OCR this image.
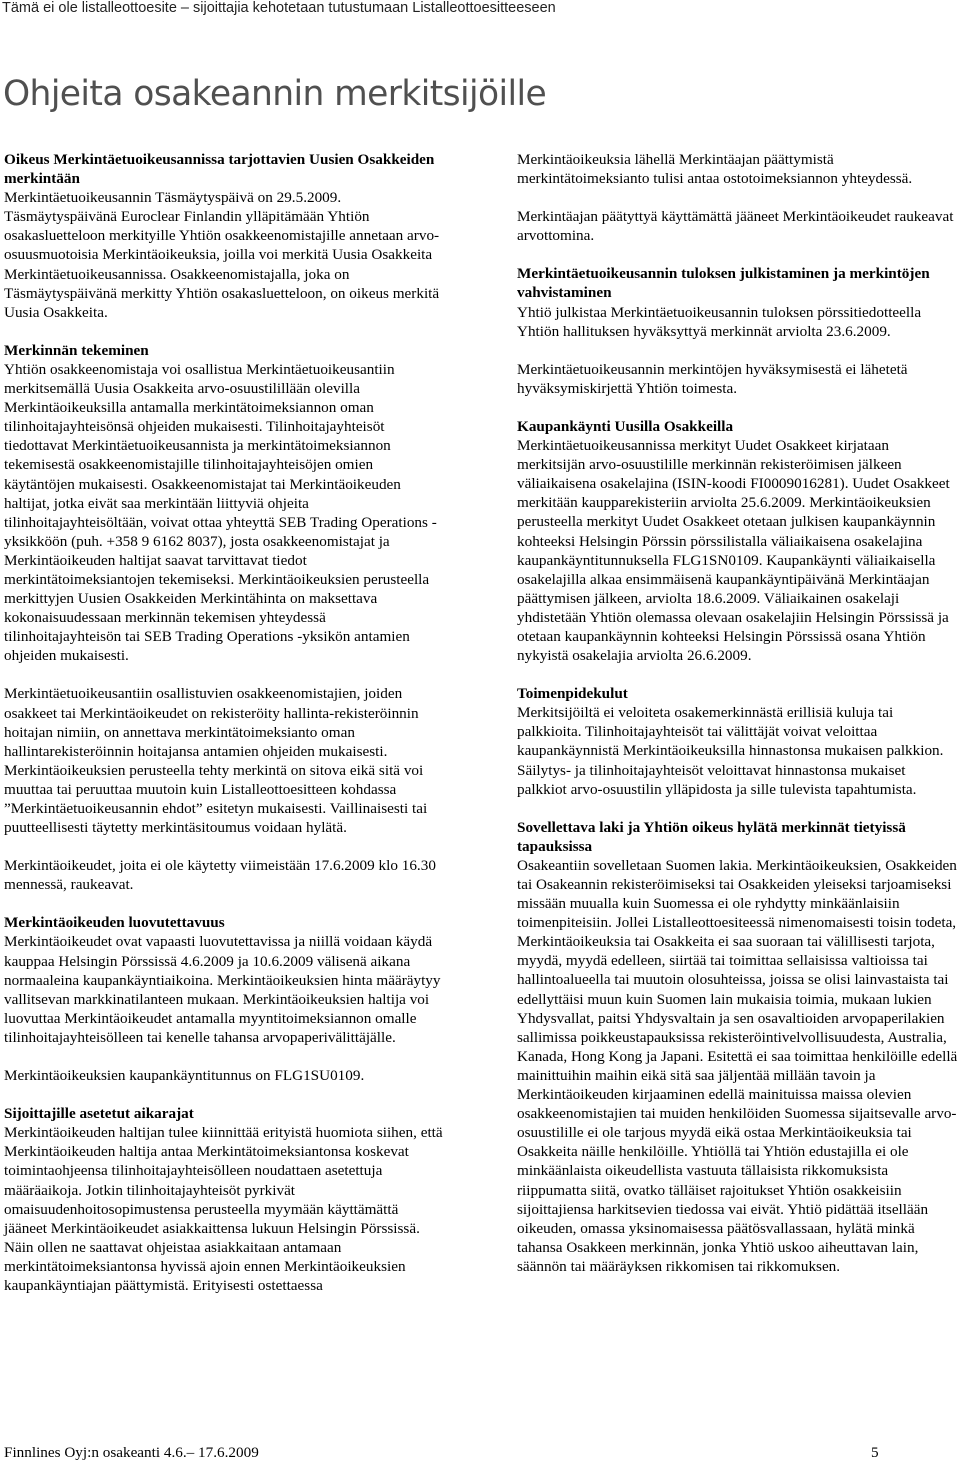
Tämä ei ole listalleottoesite – sijoittajia kehotetaan tutustumaan Listalleottoesitteeseen
Ohjeita osakeannin merkitsijöille
Oikeus Merkintäetuoikeusannissa tarjottavien Uusien Osakkeiden merkintään

Merkintäetuoikeusannin Täsmäytyspäivä on 29.5.2009. Täsmäytyspäivänä Euroclear Finlandin ylläpitämään Yhtiön osakasluetteloon merkityille Yhtiön osakkeenomistajille annetaan arvo-osuusmuotoisia Merkintäoikeuksia, joilla voi merkitä Uusia Osakkeita Merkintäetuoikeusannissa. Osakkeenomistajalla, joka on Täsmäytyspäivänä merkitty Yhtiön osakasluetteloon, on oikeus merkitä Uusia Osakkeita.

Merkinnän tekeminen

Yhtiön osakkeenomistaja voi osallistua Merkintäetuoikeusantiin merkitsemällä Uusia Osakkeita arvo-osuustilillään olevilla Merkintäoikeuksilla antamalla merkintätoimeksiannon oman tilinhoitajayhteisönsä ohjeiden mukaisesti. Tilinhoitajayhteisöt tiedottavat Merkintäetuoikeusannista ja merkintätoimeksiannon tekemisestä osakkeenomistajille tilinhoitajayhteisöjen omien käytäntöjen mukaisesti. Osakkeenomistajat tai Merkintäoikeuden haltijat, jotka eivät saa merkintään liittyviä ohjeita tilinhoitajayhteisöltään, voivat ottaa yhteyttä SEB Trading Operations -yksikköön (puh. +358 9 6162 8037), josta osakkeenomistajat ja Merkintäoikeuden haltijat saavat tarvittavat tiedot merkintätoimeksiantojen tekemiseksi. Merkintäoikeuksien perusteella merkittyjen Uusien Osakkeiden Merkintähinta on maksettava kokonaisuudessaan merkinnän tekemisen yhteydessä tilinhoitajayhteisön tai SEB Trading Operations -yksikön antamien ohjeiden mukaisesti.

Merkintäetuoikeusantiin osallistuvien osakkeenomistajien, joiden osakkeet tai Merkintäoikeudet on rekisteröity hallinta-rekisteröinnin hoitajan nimiin, on annettava merkintätoimeksianto oman hallintarekisteröinnin hoitajansa antamien ohjeiden mukaisesti. Merkintäoikeuksien perusteella tehty merkintä on sitova eikä sitä voi muuttaa tai peruuttaa muutoin kuin Listalleottoesitteen kohdassa ”Merkintäetuoikeusannin ehdot” esitetyn mukaisesti. Vaillinaisesti tai puutteellisesti täytetty merkintäsitoumus voidaan hylätä.

Merkintäoikeudet, joita ei ole käytetty viimeistään 17.6.2009 klo 16.30 mennessä, raukeavat.

Merkintäoikeuden luovutettavuus

Merkintäoikeudet ovat vapaasti luovutettavissa ja niillä voidaan käydä kauppaa Helsingin Pörssissä 4.6.2009 ja 10.6.2009 välisenä aikana normaaleina kaupankäyntiaikoina. Merkintäoikeuksien hinta määräytyy vallitsevan markkinatilanteen mukaan. Merkintäoikeuksien haltija voi luovuttaa Merkintäoikeudet antamalla myyntitoimeksiannon omalle tilinhoitajayhteisölleen tai kenelle tahansa arvopaperivälittäjälle.

Merkintäoikeuksien kaupankäyntitunnus on FLG1SU0109.

Sijoittajille asetetut aikarajat

Merkintäoikeuden haltijan tulee kiinnittää erityistä huomiota siihen, että Merkintäoikeuden haltija antaa Merkintätoimeksiantonsa koskevat toimintaohjeensa tilinhoitajayhteisölleen noudattaen asetettuja määräaikoja. Jotkin tilinhoitajayhteisöt pyrkivät omaisuudenhoitosopimustensa perusteella myymään käyttämättä jääneet Merkintäoikeudet asiakkaittensa lukuun Helsingin Pörssissä. Näin ollen ne saattavat ohjeistaa asiakkaitaan antamaan merkintätoimeksiantonsa hyvissä ajoin ennen Merkintäoikeuksien kaupankäyntiajan päättymistä. Erityisesti ostettaessa

Merkintäoikeuksia lähellä Merkintäajan päättymistä merkintätoimeksianto tulisi antaa ostotoimeksiannon yhteydessä.

Merkintäajan päätyttyä käyttämättä jääneet Merkintäoikeudet raukeavat arvottomina.

Merkintäetuoikeusannin tuloksen julkistaminen ja merkintöjen vahvistaminen

Yhtiö julkistaa Merkintäetuoikeusannin tuloksen pörssitiedotteella Yhtiön hallituksen hyväksyttyä merkinnät arviolta 23.6.2009.

Merkintäetuoikeusannin merkintöjen hyväksymisestä ei lähetetä hyväksymiskirjettä Yhtiön toimesta.

Kaupankäynti Uusilla Osakkeilla

Merkintäetuoikeusannissa merkityt Uudet Osakkeet kirjataan merkitsijän arvo-osuustilille merkinnän rekisteröimisen jälkeen väliaikaisena osakelajina (ISIN-koodi FI0009016281). Uudet Osakkeet merkitään kaupparekisteriin arviolta 25.6.2009. Merkintäoikeuksien perusteella merkityt Uudet Osakkeet otetaan julkisen kaupankäynnin kohteeksi Helsingin Pörssin pörssilistalla väliaikaisena osakelajina kaupankäyntitunnuksella FLG1SN0109. Kaupankäynti väliaikaisella osakelajilla alkaa ensimmäisenä kaupankäyntipäivänä Merkintäajan päättymisen jälkeen, arviolta 18.6.2009. Väliaikainen osakelaji yhdistetään Yhtiön olemassa olevaan osakelajiin Helsingin Pörssissä ja otetaan kaupankäynnin kohteeksi Helsingin Pörssissä osana Yhtiön nykyistä osakelajia arviolta 26.6.2009.

Toimenpidekulut

Merkitsijöiltä ei veloiteta osakemerkinnästä erillisiä kuluja tai palkkioita. Tilinhoitajayhteisöt tai välittäjät voivat veloittaa kaupankäynnistä Merkintäoikeuksilla hinnastonsa mukaisen palkkion. Säilytys- ja tilinhoitajayhteisöt veloittavat hinnastonsa mukaiset palkkiot arvo-osuustilin ylläpidosta ja sille tulevista tapahtumista.

Sovellettava laki ja Yhtiön oikeus hylätä merkinnät tietyissä tapauksissa

Osakeantiin sovelletaan Suomen lakia. Merkintäoikeuksien, Osakkeiden tai Osakeannin rekisteröimiseksi tai Osakkeiden yleiseksi tarjoamiseksi missään muualla kuin Suomessa ei ole ryhdytty minkäänlaisiin toimenpiteisiin. Jollei Listalleottoesiteessä nimenomaisesti toisin todeta, Merkintäoikeuksia tai Osakkeita ei saa suoraan tai välillisesti tarjota, myydä, myydä edelleen, siirtää tai toimittaa sellaisissa valtioissa tai hallintoalueella tai muutoin olosuhteissa, joissa se olisi lainvastaista tai edellyttäisi muun kuin Suomen lain mukaisia toimia, mukaan lukien Yhdysvallat, paitsi Yhdysvaltain ja sen osavaltioiden arvopaperilakien sallimissa poikkeustapauksissa rekisteröintivelvollisuudesta, Australia, Kanada, Hong Kong ja Japani. Esitettä ei saa toimittaa henkilöille edellä mainittuihin maihin eikä sitä saa jäljentää millään tavoin ja Merkintäoikeuden kirjaaminen edellä mainituissa maissa olevien osakkeenomistajien tai muiden henkilöiden Suomessa sijaitsevalle arvo-osuustilille ei ole tarjous myydä eikä ostaa Merkintäoikeuksia tai Osakkeita näille henkilöille. Yhtiöllä tai Yhtiön edustajilla ei ole minkäänlaista oikeudellista vastuuta tällaisista rikkomuksista riippumatta siitä, ovatko tälläiset rajoitukset Yhtiön osakkeisiin sijoittajiensa harkitsevien tiedossa vai eivät. Yhtiö pidättää itsellään oikeuden, omassa yksinomaisessa päätösvallassaan, hylätä minkä tahansa Osakkeen merkinnän, jonka Yhtiö uskoo aiheuttavan lain, säännön tai määräyksen rikkomisen tai rikkomuksen.

Finnlines Oyj:n osakeanti 4.6.– 17.6.2009	5
